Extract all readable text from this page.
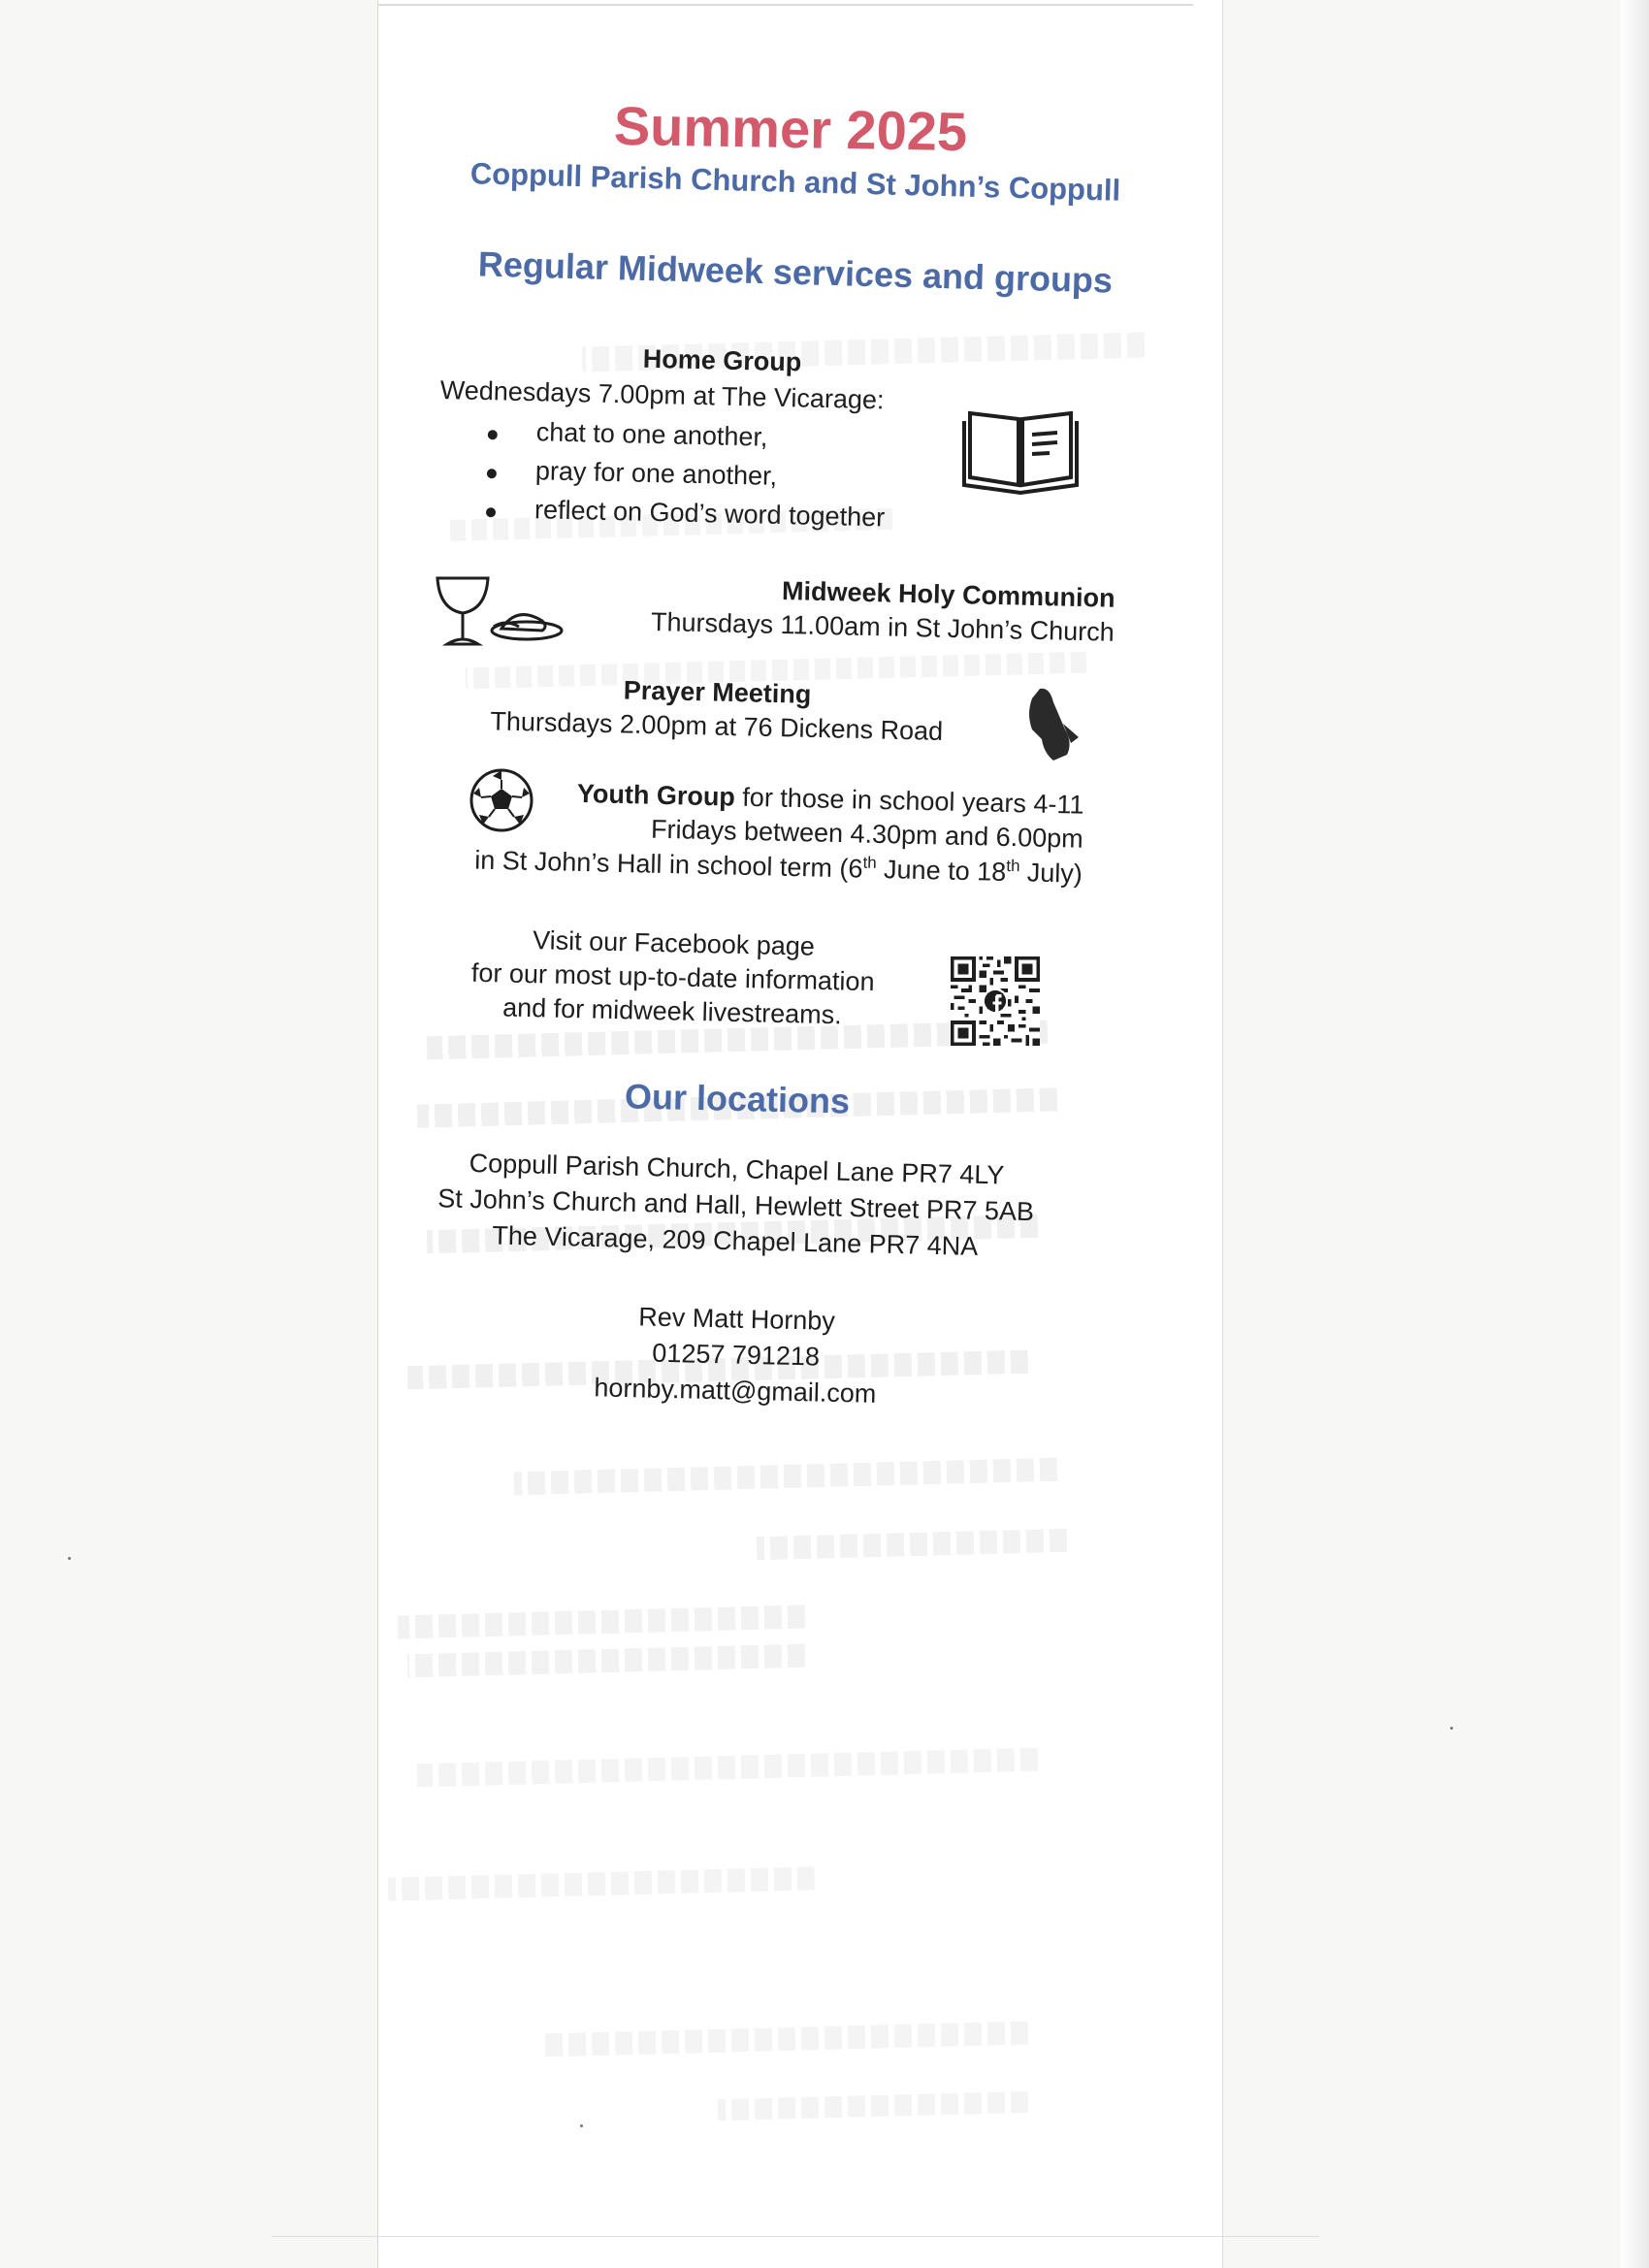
Summer 2025
Coppull Parish Church and St John’s Coppull
Regular Midweek services and groups
Home Group
Wednesdays 7.00pm at The Vicarage:
chat to one another,
pray for one another,
reflect on God’s word together
Midweek Holy Communion
Thursdays 11.00am in St John’s Church
Prayer Meeting
Thursdays 2.00pm at 76 Dickens Road
Youth Group for those in school years 4-11
Fridays between 4.30pm and 6.00pm
in St John’s Hall in school term (6th June to 18th July)
Visit our Facebook page
for our most up-to-date information
and for midweek livestreams.
Our locations
Coppull Parish Church, Chapel Lane PR7 4LY
St John’s Church and Hall, Hewlett Street PR7 5AB
The Vicarage, 209 Chapel Lane PR7 4NA
Rev Matt Hornby
01257 791218
hornby.matt@gmail.com
